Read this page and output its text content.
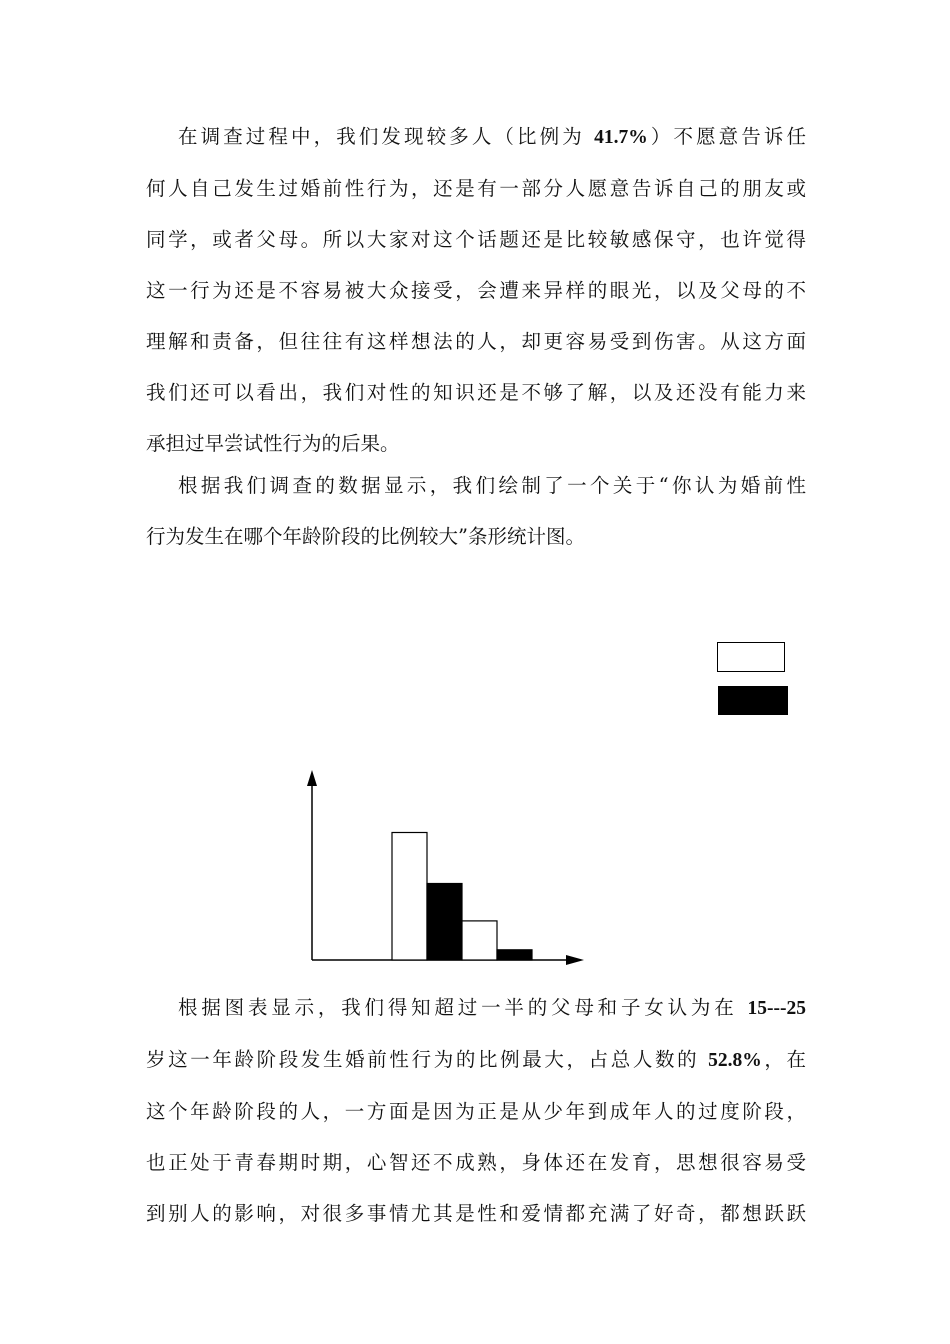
在调查过程中，我们发现较多人（比例为 41.7%）不愿意告诉任
何人自己发生过婚前性行为，还是有一部分人愿意告诉自己的朋友或
同学，或者父母。所以大家对这个话题还是比较敏感保守，也许觉得
这一行为还是不容易被大众接受，会遭来异样的眼光，以及父母的不
理解和责备，但往往有这样想法的人，却更容易受到伤害。从这方面
我们还可以看出，我们对性的知识还是不够了解，以及还没有能力来
承担过早尝试性行为的后果。
根据我们调查的数据显示，我们绘制了一个关于“你认为婚前性
行为发生在哪个年龄阶段的比例较大”条形统计图。
根据图表显示，我们得知超过一半的父母和子女认为在 15---25
岁这一年龄阶段发生婚前性行为的比例最大，占总人数的 52.8%，在
这个年龄阶段的人，一方面是因为正是从少年到成年人的过度阶段，
也正处于青春期时期，心智还不成熟，身体还在发育，思想很容易受
到别人的影响，对很多事情尤其是性和爱情都充满了好奇，都想跃跃
